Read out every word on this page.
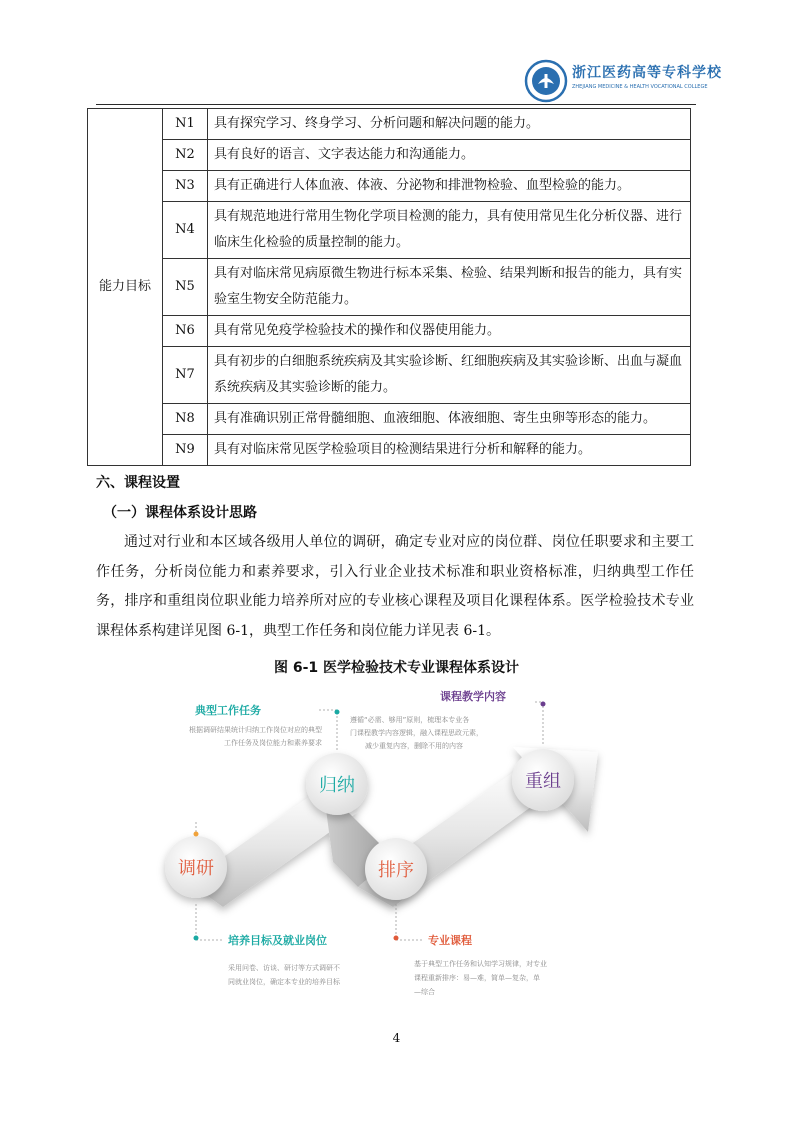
浙江医药高等专科学校
ZHEJIANG MEDICINE & HEALTH VOCATIONAL COLLEGE
能力目标	N1	具有探究学习、终身学习、分析问题和解决问题的能力。
	N2	具有良好的语言、文字表达能力和沟通能力。
	N3	具有正确进行人体血液、体液、分泌物和排泄物检验、血型检验的能力。
	N4	具有规范地进行常用生物化学项目检测的能力，具有使用常见生化分析仪器、进行临床生化检验的质量控制的能力。
	N5	具有对临床常见病原微生物进行标本采集、检验、结果判断和报告的能力，具有实验室生物安全防范能力。
	N6	具有常见免疫学检验技术的操作和仪器使用能力。
	N7	具有初步的白细胞系统疾病及其实验诊断、红细胞疾病及其实验诊断、出血与凝血系统疾病及其实验诊断的能力。
	N8	具有准确识别正常骨髓细胞、血液细胞、体液细胞、寄生虫卵等形态的能力。
	N9	具有对临床常见医学检验项目的检测结果进行分析和解释的能力。
六、课程设置
（一）课程体系设计思路
通过对行业和本区域各级用人单位的调研，确定专业对应的岗位群、岗位任职要求和主要工作任务，分析岗位能力和素养要求，引入行业企业技术标准和职业资格标准，归纳典型工作任务，排序和重组岗位职业能力培养所对应的专业核心课程及项目化课程体系。医学检验技术专业课程体系构建详见图 6-1，典型工作任务和岗位能力详见表 6-1。
图 6-1 医学检验技术专业课程体系设计
调研
归纳
排序
重组
典型工作任务
根据调研结果统计归纳工作岗位对应的典型
工作任务及岗位能力和素养要求
课程教学内容
遵循“必需、够用”原则，梳理本专业各
门课程教学内容逻辑，融入课程思政元素，
减少重复内容，删除不用的内容
培养目标及就业岗位
采用问卷、访谈、研讨等方式调研不
同就业岗位，确定本专业的培养目标
专业课程
基于典型工作任务和认知学习规律，对专业
课程重新排序：易—难，简单—复杂，单
—综合
4
